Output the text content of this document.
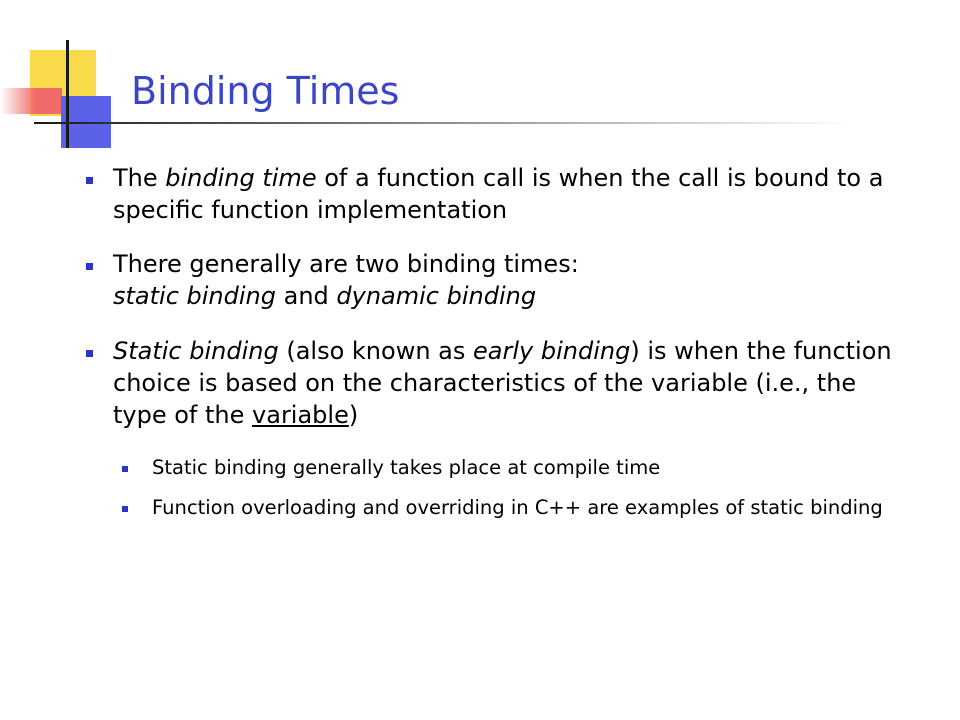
Binding Times
The binding time of a function call is when the call is bound to a specific function implementation
There generally are two binding times:
static binding and dynamic binding
Static binding (also known as early binding) is when the function choice is based on the characteristics of the variable (i.e., the type of the variable)
Static binding generally takes place at compile time
Function overloading and overriding in C++ are examples of static binding
